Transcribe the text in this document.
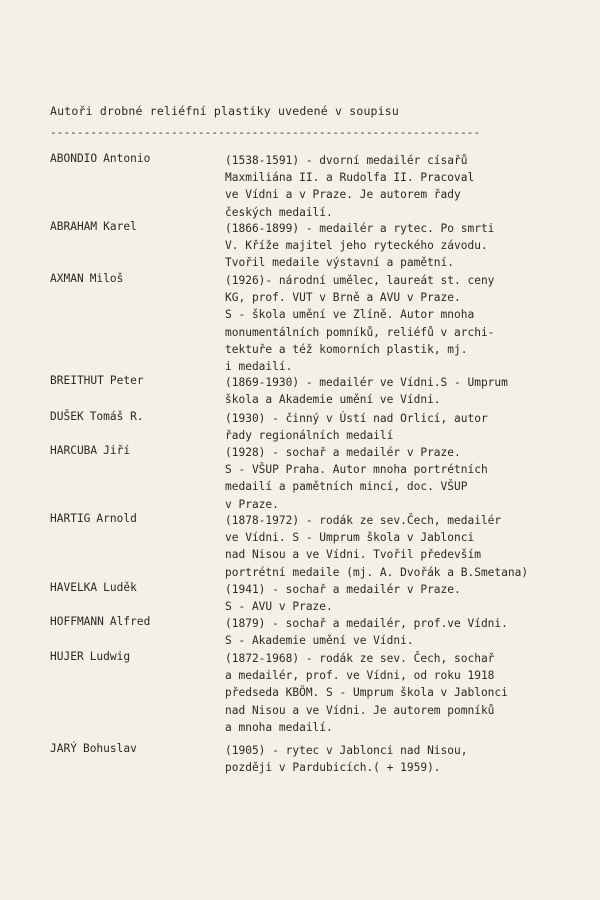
Autoři drobné reliéfní plastiky uvedené v soupisu
----------------------------------------------------------------
ABONDIO Antonio	(1538-1591) - dvorní medailér císařů
Maxmiliána II. a Rudolfa II. Pracoval
ve Vídni a v Praze. Je autorem řady
českých medailí.
ABRAHAM Karel	(1866-1899) - medailér a rytec. Po smrti
V. Kříže majitel jeho ryteckého závodu.
Tvořil medaile výstavní a pamětní.
AXMAN Miloš	(1926)- národní umělec, laureát st. ceny
KG, prof. VUT v Brně a AVU v Praze.
S - škola umění ve Zlíně. Autor mnoha
monumentálních pomníků, reliéfů v archi-
tektuře a též komorních plastik, mj.
i medailí.
BREITHUT Peter	(1869-1930) - medailér ve Vídni.S - Umprum
škola a Akademie umění ve Vídni.
DUŠEK Tomáš R.	(1930) - činný v Ústí nad Orlicí, autor
řady regionálních medailí
HARCUBA Jiří	(1928) - sochař a medailér v Praze.
S - VŠUP Praha. Autor mnoha portrétních
medailí a pamětních mincí, doc. VŠUP
v Praze.
HARTIG Arnold	(1878-1972) - rodák ze sev.Čech, medailér
ve Vídni. S - Umprum škola v Jablonci
nad Nisou a ve Vídni. Tvořil především
portrétní medaile (mj. A. Dvořák a B.Smetana)
HAVELKA Luděk	(1941) - sochař a medailér v Praze.
S - AVU v Praze.
HOFFMANN Alfred	(1879) - sochař a medailér, prof.ve Vídni.
S - Akademie umění ve Vídni.
HUJER Ludwig	(1872-1968) - rodák ze sev. Čech, sochař
a medailér, prof. ve Vídni, od roku 1918
předseda KBÖM. S - Umprum škola v Jablonci
nad Nisou a ve Vídni. Je autorem pomníků
a mnoha medailí.
JARÝ Bohuslav	(1905) - rytec v Jablonci nad Nisou,
později v Pardubicích.( + 1959).
